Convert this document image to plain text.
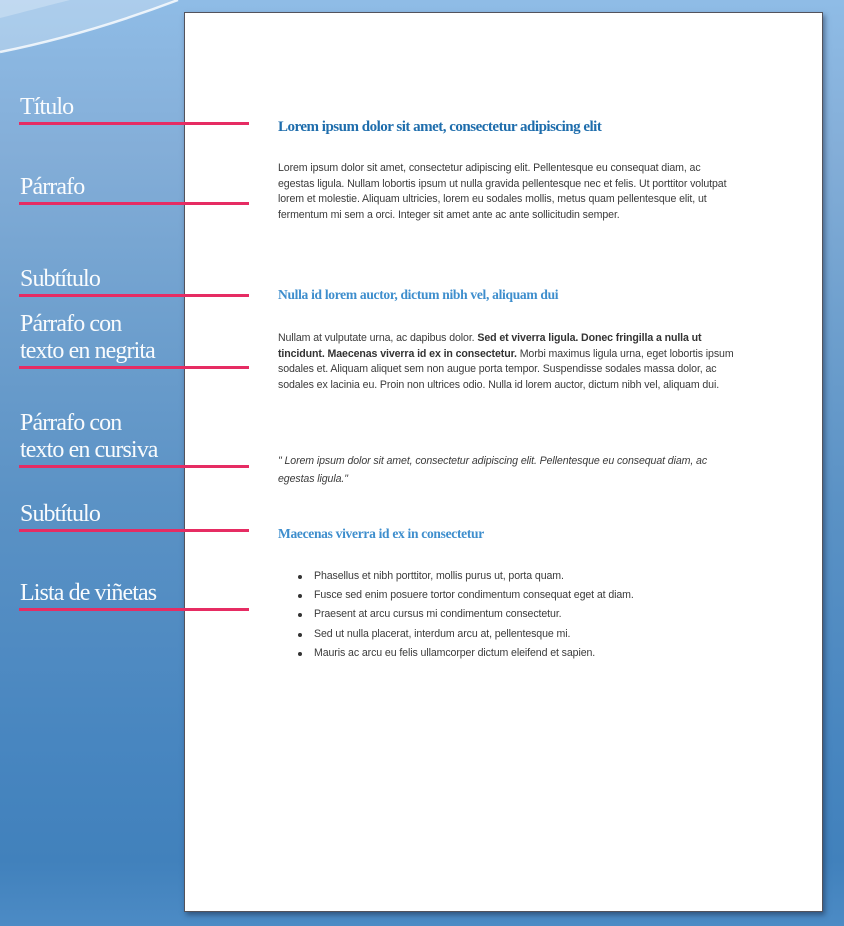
Lorem ipsum dolor sit amet, consectetur adipiscing elit

Lorem ipsum dolor sit amet, consectetur adipiscing elit. Pellentesque eu consequat diam, ac egestas ligula. Nullam lobortis ipsum ut nulla gravida pellentesque nec et felis. Ut porttitor volutpat lorem et molestie. Aliquam ultricies, lorem eu sodales mollis, metus quam pellentesque elit, ut fermentum mi sem a orci. Integer sit amet ante ac ante sollicitudin semper.

Nulla id lorem auctor, dictum nibh vel, aliquam dui

Nullam at vulputate urna, ac dapibus dolor. Sed et viverra ligula. Donec fringilla a nulla ut tincidunt. Maecenas viverra id ex in consectetur. Morbi maximus ligula urna, eget lobortis ipsum sodales et. Aliquam aliquet sem non augue porta tempor. Suspendisse sodales massa dolor, ac sodales ex lacinia eu. Proin non ultrices odio. Nulla id lorem auctor, dictum nibh vel, aliquam dui.

" Lorem ipsum dolor sit amet, consectetur adipiscing elit. Pellentesque eu consequat diam, ac egestas ligula."

Maecenas viverra id ex in consectetur
Phasellus et nibh porttitor, mollis purus ut, porta quam.
Fusce sed enim posuere tortor condimentum consequat eget at diam.
Praesent at arcu cursus mi condimentum consectetur.
Sed ut nulla placerat, interdum arcu at, pellentesque mi.
Mauris ac arcu eu felis ullamcorper dictum eleifend et sapien.
Título
Párrafo
Subtítulo
Párrafo con
texto en negrita
Párrafo con
texto en cursiva
Subtítulo
Lista de viñetas
